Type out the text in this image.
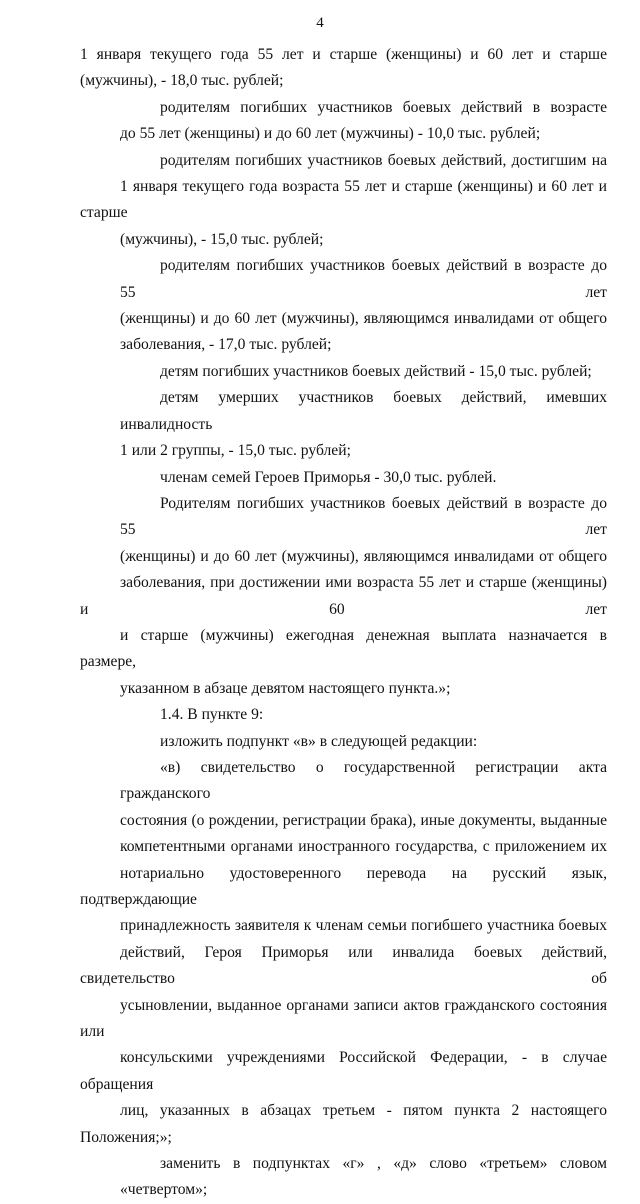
4

1 января текущего года 55 лет и старше (женщины) и 60 лет и старше
(мужчины), - 18,0 тыс. рублей;

родителям погибших участников боевых действий в возрасте
до 55 лет (женщины) и до 60 лет (мужчины) - 10,0 тыс. рублей;

родителям погибших участников боевых действий, достигшим на
1 января текущего года возраста 55 лет и старше (женщины) и 60 лет и старше
(мужчины), - 15,0 тыс. рублей;

родителям погибших участников боевых действий в возрасте до 55 лет
(женщины) и до 60 лет (мужчины), являющимся инвалидами от общего
заболевания, - 17,0 тыс. рублей;

детям погибших участников боевых действий - 15,0 тыс. рублей;

детям умерших участников боевых действий, имевших инвалидность
1 или 2 группы, - 15,0 тыс. рублей;

членам семей Героев Приморья - 30,0 тыс. рублей.

Родителям погибших участников боевых действий в возрасте до 55 лет
(женщины) и до 60 лет (мужчины), являющимся инвалидами от общего
заболевания, при достижении ими возраста 55 лет и старше (женщины) и 60 лет
и старше (мужчины) ежегодная денежная выплата назначается в размере,
указанном в абзаце девятом настоящего пункта.»;

1.4. В пункте 9:

изложить подпункт «в» в следующей редакции:

«в) свидетельство о государственной регистрации акта гражданского
состояния (о рождении, регистрации брака), иные документы, выданные
компетентными органами иностранного государства, с приложением их
нотариально удостоверенного перевода на русский язык, подтверждающие
принадлежность заявителя к членам семьи погибшего участника боевых
действий, Героя Приморья или инвалида боевых действий, свидетельство об
усыновлении, выданное органами записи актов гражданского состояния или
консульскими учреждениями Российской Федерации, - в случае обращения
лиц, указанных в абзацах третьем - пятом пункта 2 настоящего Положения;»;

заменить в подпунктах «г» , «д» слово «третьем» словом «четвертом»;
